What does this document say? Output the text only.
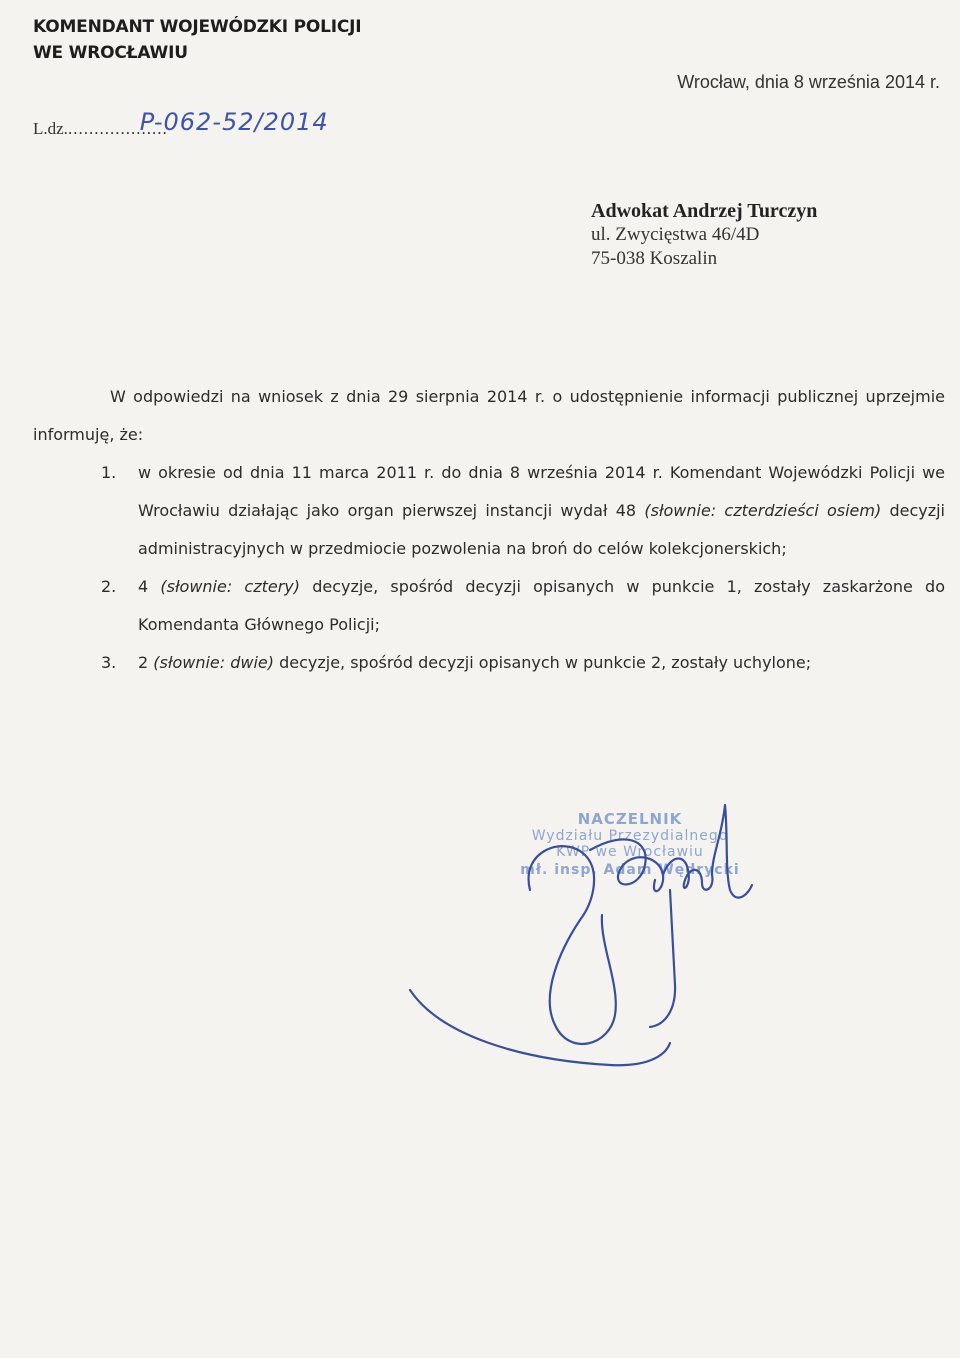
KOMENDANT WOJEWÓDZKI POLICJI
WE WROCŁAWIU
Wrocław, dnia 8 września 2014 r.
L.dz....................P-062-52/2014
Adwokat Andrzej Turczyn
ul. Zwycięstwa 46/4D
75-038 Koszalin

W odpowiedzi na wniosek z dnia 29 sierpnia 2014 r. o udostępnienie informacji publicznej uprzejmie informuję, że:

1. w okresie od dnia 11 marca 2011 r. do dnia 8 września 2014 r. Komendant Wojewódzki Policji we Wrocławiu działając jako organ pierwszej instancji wydał 48 (słownie: czterdzieści osiem) decyzji administracyjnych w przedmiocie pozwolenia na broń do celów kolekcjonerskich;
2. 4 (słownie: cztery) decyzje, spośród decyzji opisanych w punkcie 1, zostały zaskarżone do Komendanta Głównego Policji;
3. 2 (słownie: dwie) decyzje, spośród decyzji opisanych w punkcie 2, zostały uchylone;
NACZELNIK
Wydziału Przezydialnego
KWP we Wrocławiu
mł. insp. Adam Wędrycki
